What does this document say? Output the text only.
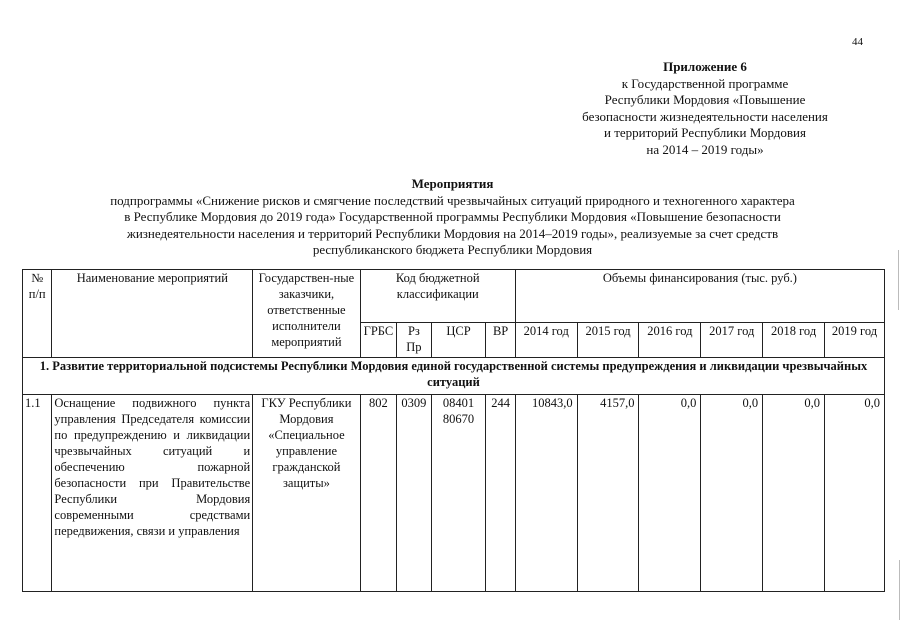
44
Приложение 6
к Государственной программе
Республики Мордовия «Повышение
безопасности жизнедеятельности населения
и территорий Республики Мордовия
на 2014 – 2019 годы»
Мероприятия
подпрограммы «Снижение рисков и смягчение последствий чрезвычайных ситуаций природного и техногенного характера
в Республике Мордовия до 2019 года» Государственной программы Республики Мордовия «Повышение безопасности
жизнедеятельности населения и территорий Республики Мордовия на 2014–2019 годы», реализуемые за счет средств
республиканского бюджета Республики Мордовия
№ п/п	Наименование мероприятий	Государствен-ные заказчики, ответственные исполнители мероприятий	Код бюджетной классификации				Объемы финансирования (тыс. руб.)					
			ГРБС	Рз Пр	ЦСР	ВР	2014 год	2015 год	2016 год	2017 год	2018 год	2019 год
1. Развитие территориальной подсистемы Республики Мордовия единой государственной системы предупреждения и ликвидации чрезвычайных ситуаций												
1.1	Оснащение подвижного пункта управления Председателя комиссии по предупреждению и ликвидации чрезвычайных ситуаций и обеспечению пожарной безопасности при Правительстве Республики Мордовия современными средствами передвижения, связи и управления	ГКУ Республики Мордовия «Специальное управление гражданской защиты»	802	0309	08401 80670	244	10843,0	4157,0	0,0	0,0	0,0	0,0
